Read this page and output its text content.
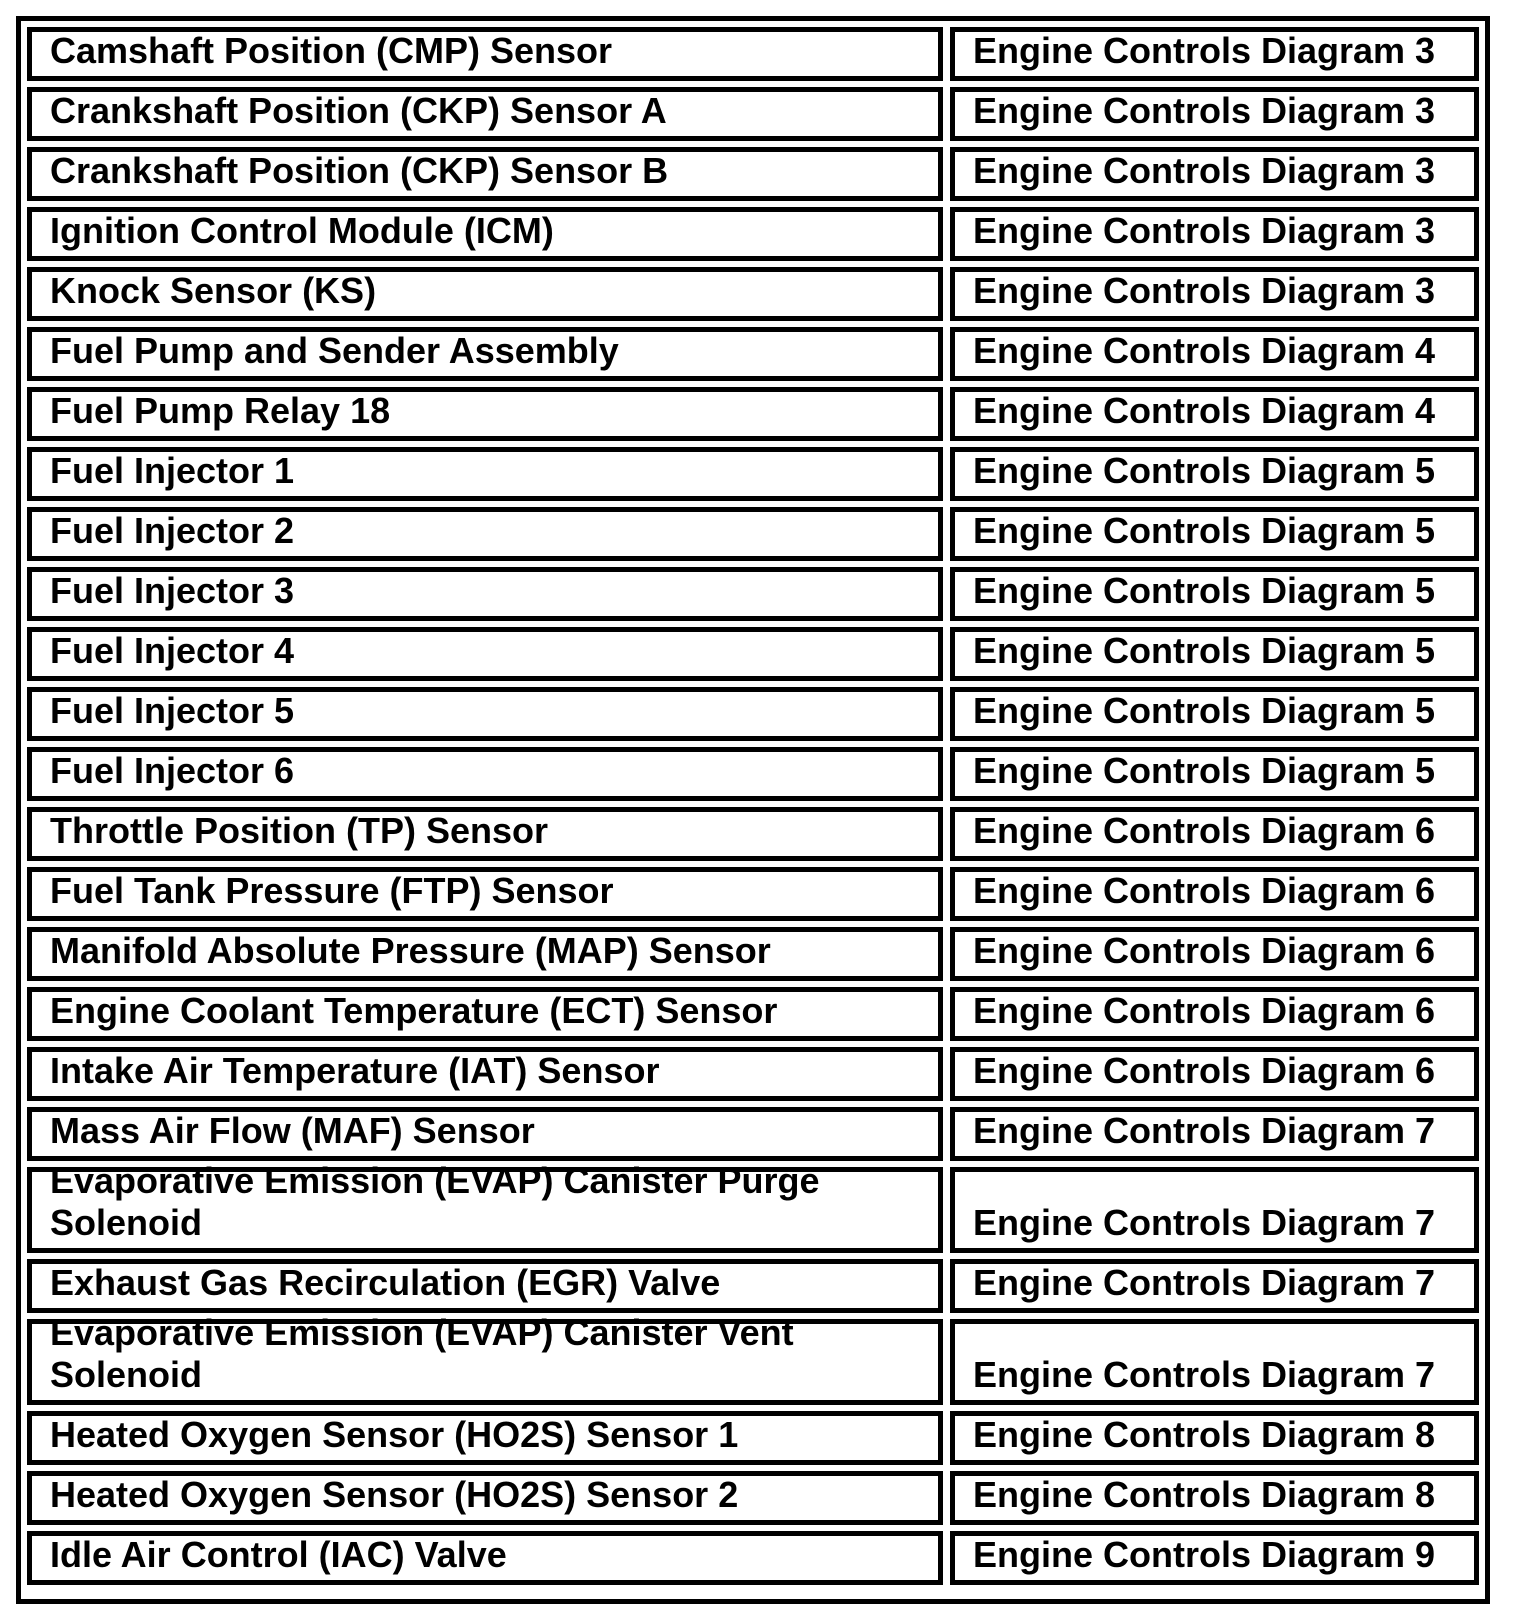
Camshaft Position (CMP) Sensor	Engine Controls Diagram 3
Crankshaft Position (CKP) Sensor A	Engine Controls Diagram 3
Crankshaft Position (CKP) Sensor B	Engine Controls Diagram 3
Ignition Control Module (ICM)	Engine Controls Diagram 3
Knock Sensor (KS)	Engine Controls Diagram 3
Fuel Pump and Sender Assembly	Engine Controls Diagram 4
Fuel Pump Relay 18	Engine Controls Diagram 4
Fuel Injector 1	Engine Controls Diagram 5
Fuel Injector 2	Engine Controls Diagram 5
Fuel Injector 3	Engine Controls Diagram 5
Fuel Injector 4	Engine Controls Diagram 5
Fuel Injector 5	Engine Controls Diagram 5
Fuel Injector 6	Engine Controls Diagram 5
Throttle Position (TP) Sensor	Engine Controls Diagram 6
Fuel Tank Pressure (FTP) Sensor	Engine Controls Diagram 6
Manifold Absolute Pressure (MAP) Sensor	Engine Controls Diagram 6
Engine Coolant Temperature (ECT) Sensor	Engine Controls Diagram 6
Intake Air Temperature (IAT) Sensor	Engine Controls Diagram 6
Mass Air Flow (MAF) Sensor	Engine Controls Diagram 7
Evaporative Emission (EVAP) Canister Purge
Solenoid	Engine Controls Diagram 7
Exhaust Gas Recirculation (EGR) Valve	Engine Controls Diagram 7
Evaporative Emission (EVAP) Canister Vent
Solenoid	Engine Controls Diagram 7
Heated Oxygen Sensor (HO2S) Sensor 1	Engine Controls Diagram 8
Heated Oxygen Sensor (HO2S) Sensor 2	Engine Controls Diagram 8
Idle Air Control (IAC) Valve	Engine Controls Diagram 9
